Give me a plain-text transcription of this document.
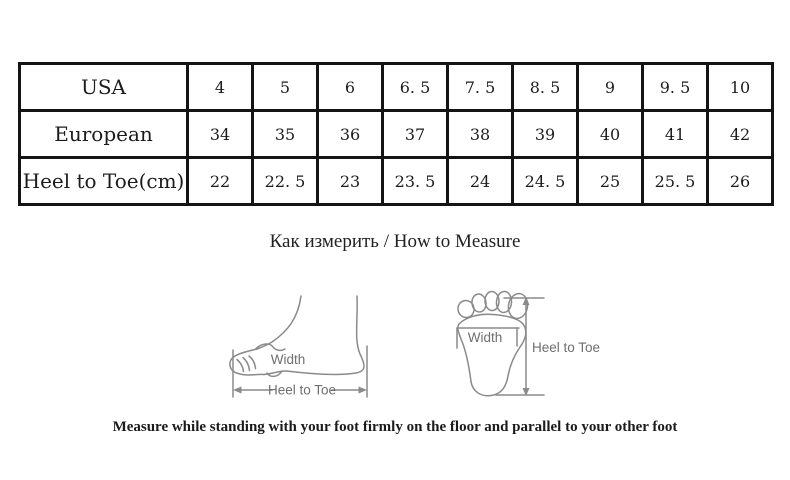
USA	4	5	6	6. 5	7. 5	8. 5	9	9. 5	10
European	34	35	36	37	38	39	40	41	42
Heel to Toe(cm)	22	22. 5	23	23. 5	24	24. 5	25	25. 5	26
Как измерить / How to Measure
Width
Heel to Toe
Width
Heel to Toe

Measure while standing with your foot firmly on the floor and parallel to your other foot
